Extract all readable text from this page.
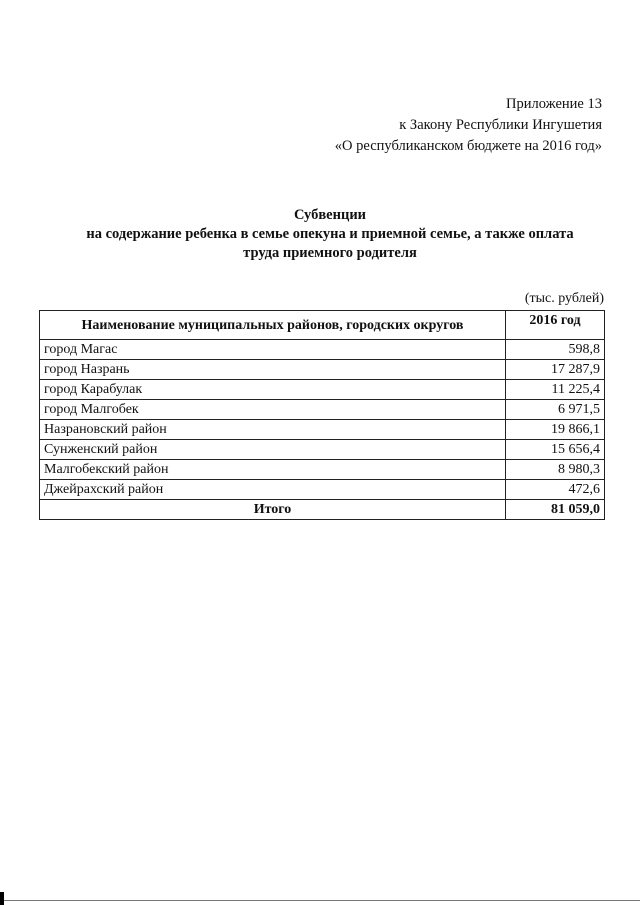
Приложение 13
к Закону Республики Ингушетия
«О республиканском бюджете на 2016 год»
Субвенции
на содержание ребенка в семье опекуна и приемной семье, а также оплата
труда приемного родителя
(тыс. рублей)
Наименование муниципальных районов, городских округов	2016 год
город Магас	598,8
город Назрань	17 287,9
город Карабулак	11 225,4
город Малгобек	6 971,5
Назрановский район	19 866,1
Сунженский район	15 656,4
Малгобекский район	8 980,3
Джейрахский район	472,6
Итого	81 059,0
